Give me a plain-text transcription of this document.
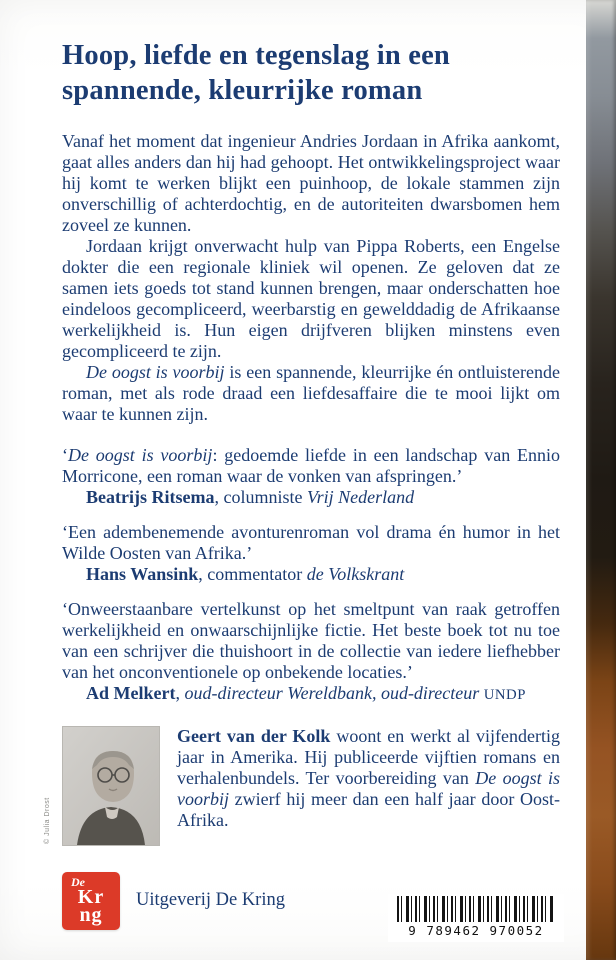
Hoop, liefde en tegenslag in een spannende, kleurrijke roman

Vanaf het moment dat ingenieur Andries Jordaan in Afrika aankomt, gaat alles anders dan hij had gehoopt. Het ontwikkelingsproject waar hij komt te werken blijkt een puinhoop, de lokale stammen zijn onverschillig of achterdochtig, en de autoriteiten dwarsbomen hem zoveel ze kunnen.

Jordaan krijgt onverwacht hulp van Pippa Roberts, een Engelse dokter die een regionale kliniek wil openen. Ze geloven dat ze samen iets goeds tot stand kunnen brengen, maar onderschatten hoe eindeloos gecompliceerd, weerbarstig en gewelddadig de Afrikaanse werkelijkheid is. Hun eigen drijfveren blijken minstens even gecompliceerd te zijn.

De oogst is voorbij is een spannende, kleurrijke én ontluisterende roman, met als rode draad een liefdesaffaire die te mooi lijkt om waar te kunnen zijn.

‘De oogst is voorbij: gedoemde liefde in een landschap van Ennio Morricone, een roman waar de vonken van afspringen.’

Beatrijs Ritsema, columniste Vrij Nederland

‘Een adembenemende avonturenroman vol drama én humor in het Wilde Oosten van Afrika.’

Hans Wansink, commentator de Volkskrant

‘Onweerstaanbare vertelkunst op het smeltpunt van raak getroffen werkelijkheid en onwaarschijnlijke fictie. Het beste boek tot nu toe van een schrijver die thuishoort in de collectie van iedere liefhebber van het onconventionele op onbekende locaties.’

Ad Melkert, oud-directeur Wereldbank, oud-directeur UNDP

© Julia Drost

Geert van der Kolk woont en werkt al vijfendertig jaar in Amerika. Hij publiceerde vijftien romans en verhalenbundels. Ter voorbereiding van De oogst is voorbij zwierf hij meer dan een half jaar door Oost-Afrika.

De
Kr
ng
Uitgeverij De Kring
9 789462 970052
